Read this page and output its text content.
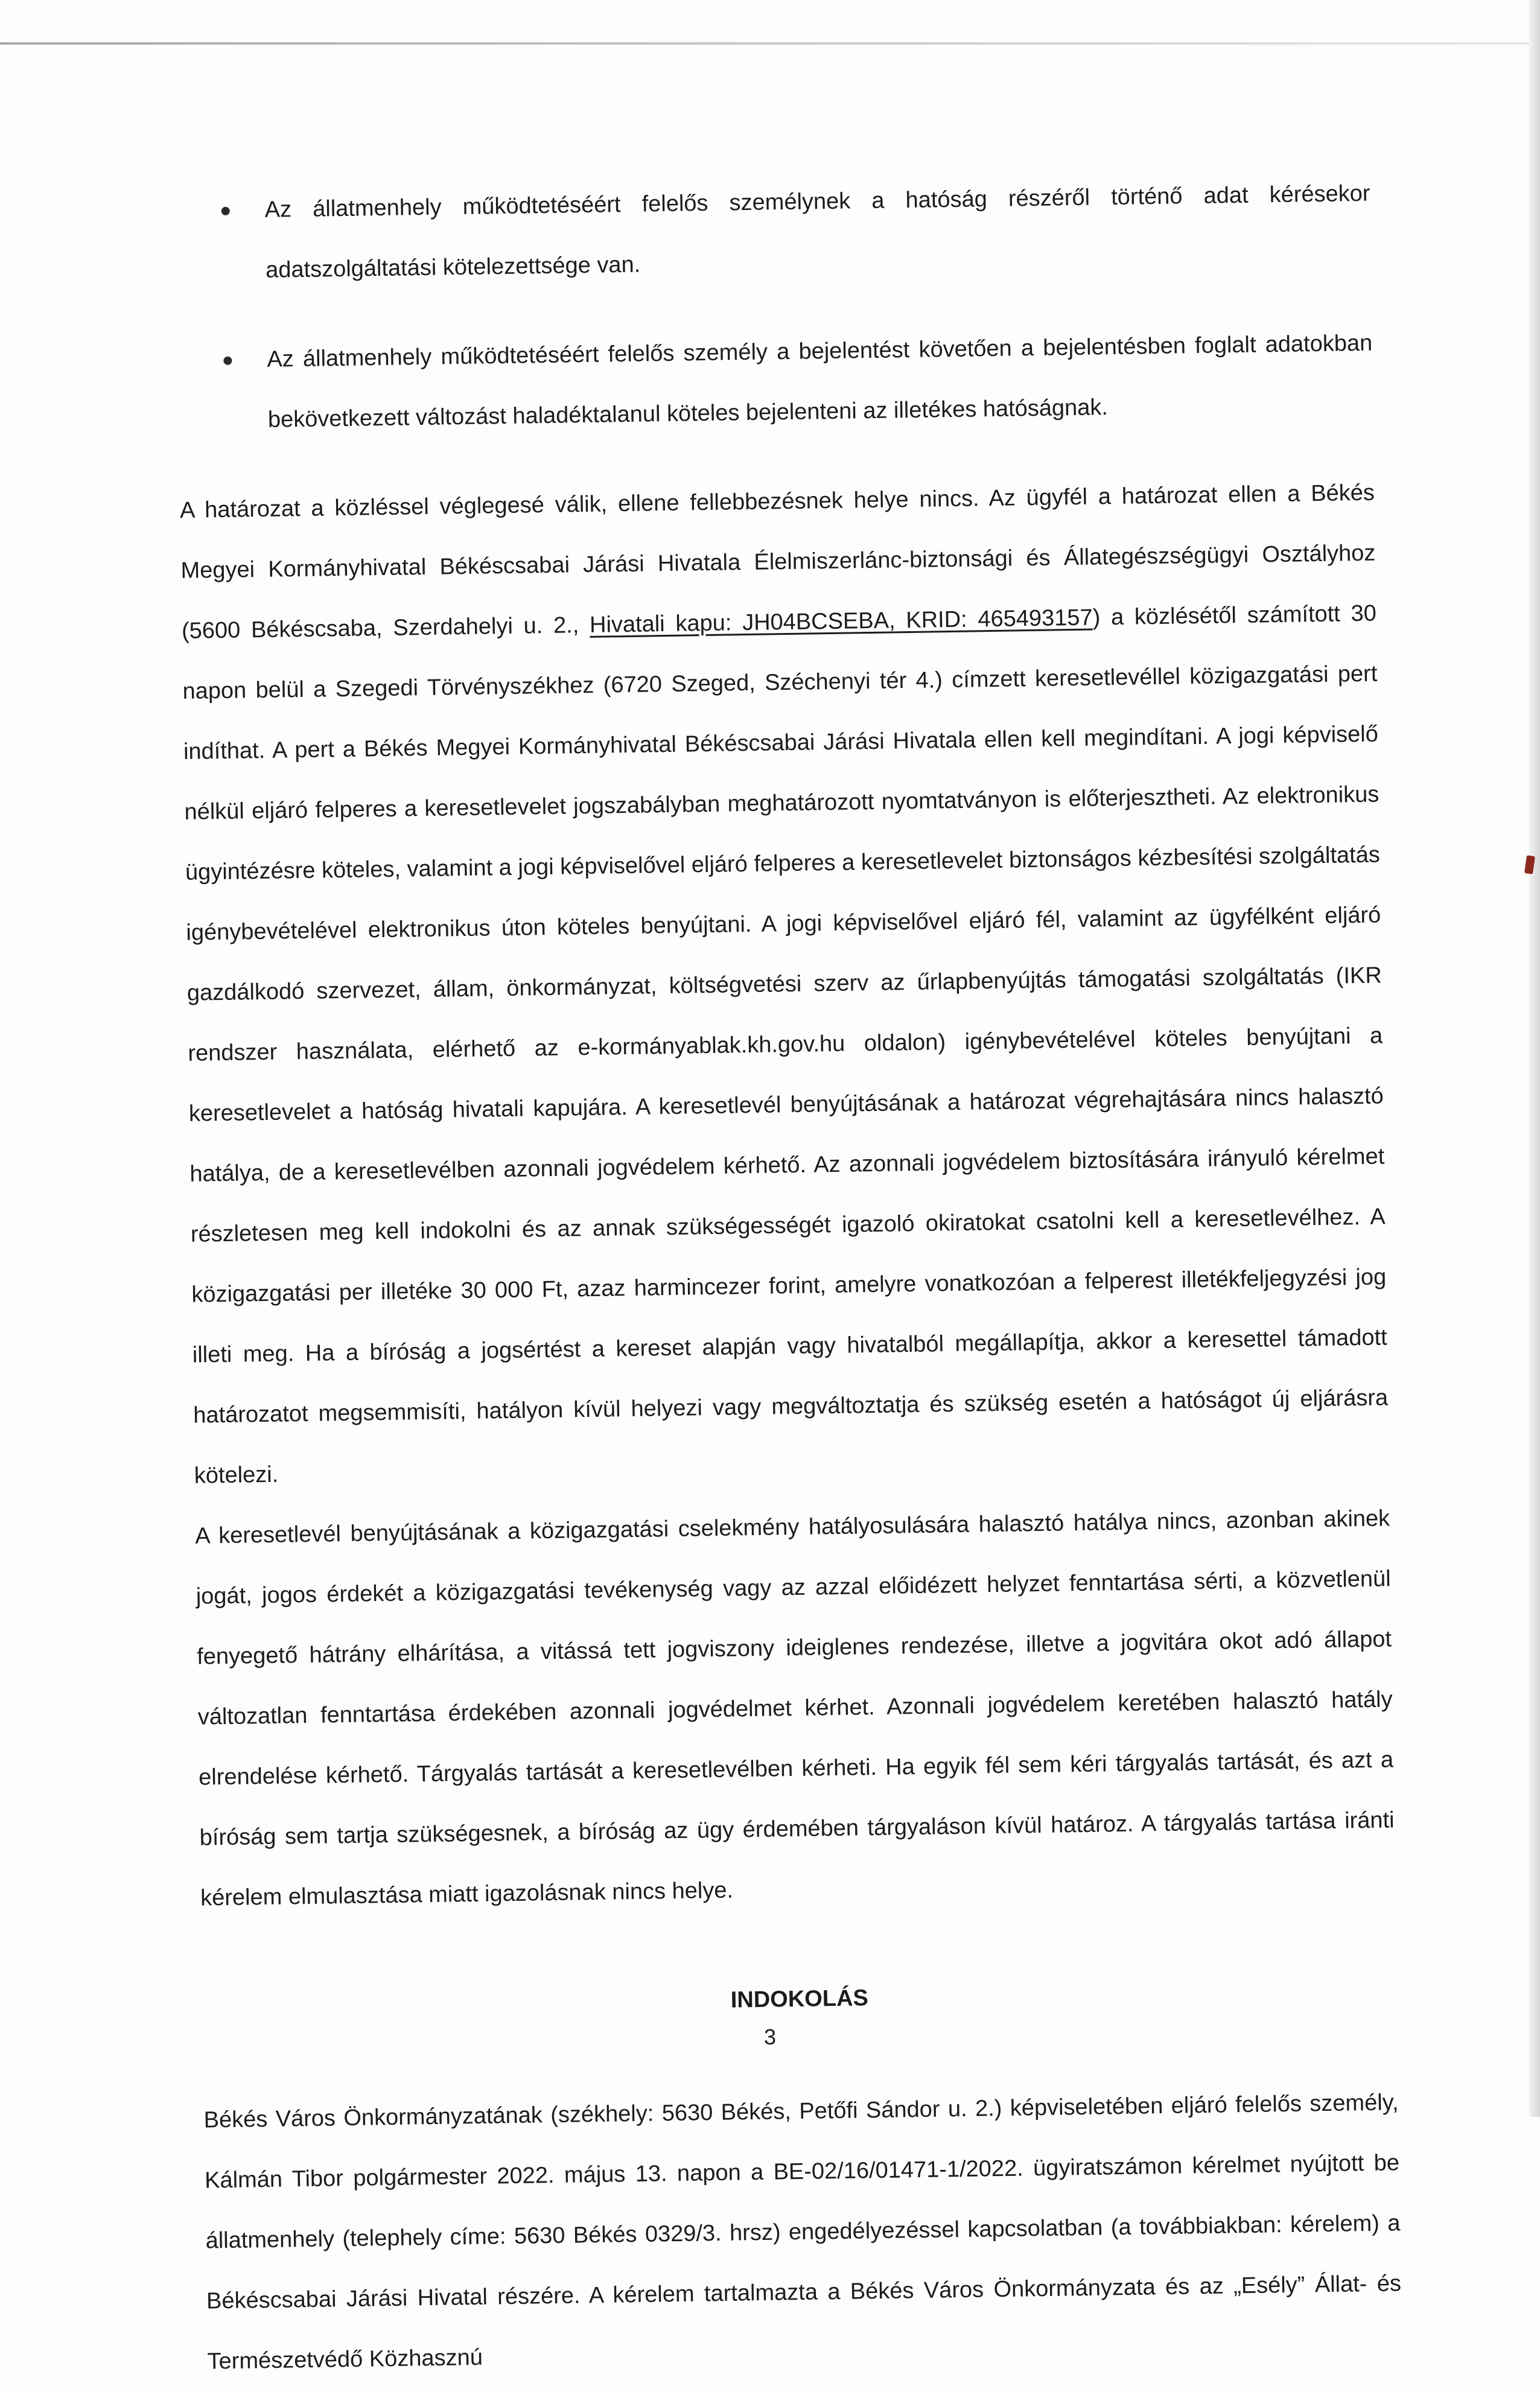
Az állatmenhely működtetéséért felelős személynek a hatóság részéről történő adat kérésekor adatszolgáltatási kötelezettsége van.
Az állatmenhely működtetéséért felelős személy a bejelentést követően a bejelentésben foglalt adatokban bekövetkezett változást haladéktalanul köteles bejelenteni az illetékes hatóságnak.

A határozat a közléssel véglegesé válik, ellene fellebbezésnek helye nincs. Az ügyfél a határozat ellen a Békés Megyei Kormányhivatal Békéscsabai Járási Hivatala Élelmiszerlánc-biztonsági és Állategészségügyi Osztályhoz (5600 Békéscsaba, Szerdahelyi u. 2., Hivatali kapu: JH04BCSEBA, KRID: 465493157) a közlésétől számított 30 napon belül a Szegedi Törvényszékhez (6720 Szeged, Széchenyi tér 4.) címzett keresetlevéllel közigazgatási pert indíthat. A pert a Békés Megyei Kormányhivatal Békéscsabai Járási Hivatala ellen kell megindítani. A jogi képviselő nélkül eljáró felperes a keresetlevelet jogszabályban meghatározott nyomtatványon is előterjesztheti. Az elektronikus ügyintézésre köteles, valamint a jogi képviselővel eljáró felperes a keresetlevelet biztonságos kézbesítési szolgáltatás igénybevételével elektronikus úton köteles benyújtani. A jogi képviselővel eljáró fél, valamint az ügyfélként eljáró gazdálkodó szervezet, állam, önkormányzat, költségvetési szerv az űrlapbenyújtás támogatási szolgáltatás (IKR rendszer használata, elérhető az e-kormányablak.kh.gov.hu oldalon) igénybevételével köteles benyújtani a keresetlevelet a hatóság hivatali kapujára. A keresetlevél benyújtásának a határozat végrehajtására nincs halasztó hatálya, de a keresetlevélben azonnali jogvédelem kérhető. Az azonnali jogvédelem biztosítására irányuló kérelmet részletesen meg kell indokolni és az annak szükségességét igazoló okiratokat csatolni kell a keresetlevélhez. A közigazgatási per illetéke 30 000 Ft, azaz harmincezer forint, amelyre vonatkozóan a felperest illetékfeljegyzési jog illeti meg. Ha a bíróság a jogsértést a kereset alapján vagy hivatalból megállapítja, akkor a keresettel támadott határozatot megsemmisíti, hatályon kívül helyezi vagy megváltoztatja és szükség esetén a hatóságot új eljárásra kötelezi.

A keresetlevél benyújtásának a közigazgatási cselekmény hatályosulására halasztó hatálya nincs, azonban akinek jogát, jogos érdekét a közigazgatási tevékenység vagy az azzal előidézett helyzet fenntartása sérti, a közvetlenül fenyegető hátrány elhárítása, a vitássá tett jogviszony ideiglenes rendezése, illetve a jogvitára okot adó állapot változatlan fenntartása érdekében azonnali jogvédelmet kérhet. Azonnali jogvédelem keretében halasztó hatály elrendelése kérhető. Tárgyalás tartását a keresetlevélben kérheti. Ha egyik fél sem kéri tárgyalás tartását, és azt a bíróság sem tartja szükségesnek, a bíróság az ügy érdemében tárgyaláson kívül határoz. A tárgyalás tartása iránti kérelem elmulasztása miatt igazolásnak nincs helye.

INDOKOLÁS

Békés Város Önkormányzatának (székhely: 5630 Békés, Petőfi Sándor u. 2.) képviseletében eljáró felelős személy, Kálmán Tibor polgármester 2022. május 13. napon a BE-02/16/01471-1/2022. ügyiratszámon kérelmet nyújtott be állatmenhely (telephely címe: 5630 Békés 0329/3. hrsz) engedélyezéssel kapcsolatban (a továbbiakban: kérelem) a Békéscsabai Járási Hivatal részére. A kérelem tartalmazta a Békés Város Önkormányzata és az „Esély” Állat- és Természetvédő Közhasznú

3
